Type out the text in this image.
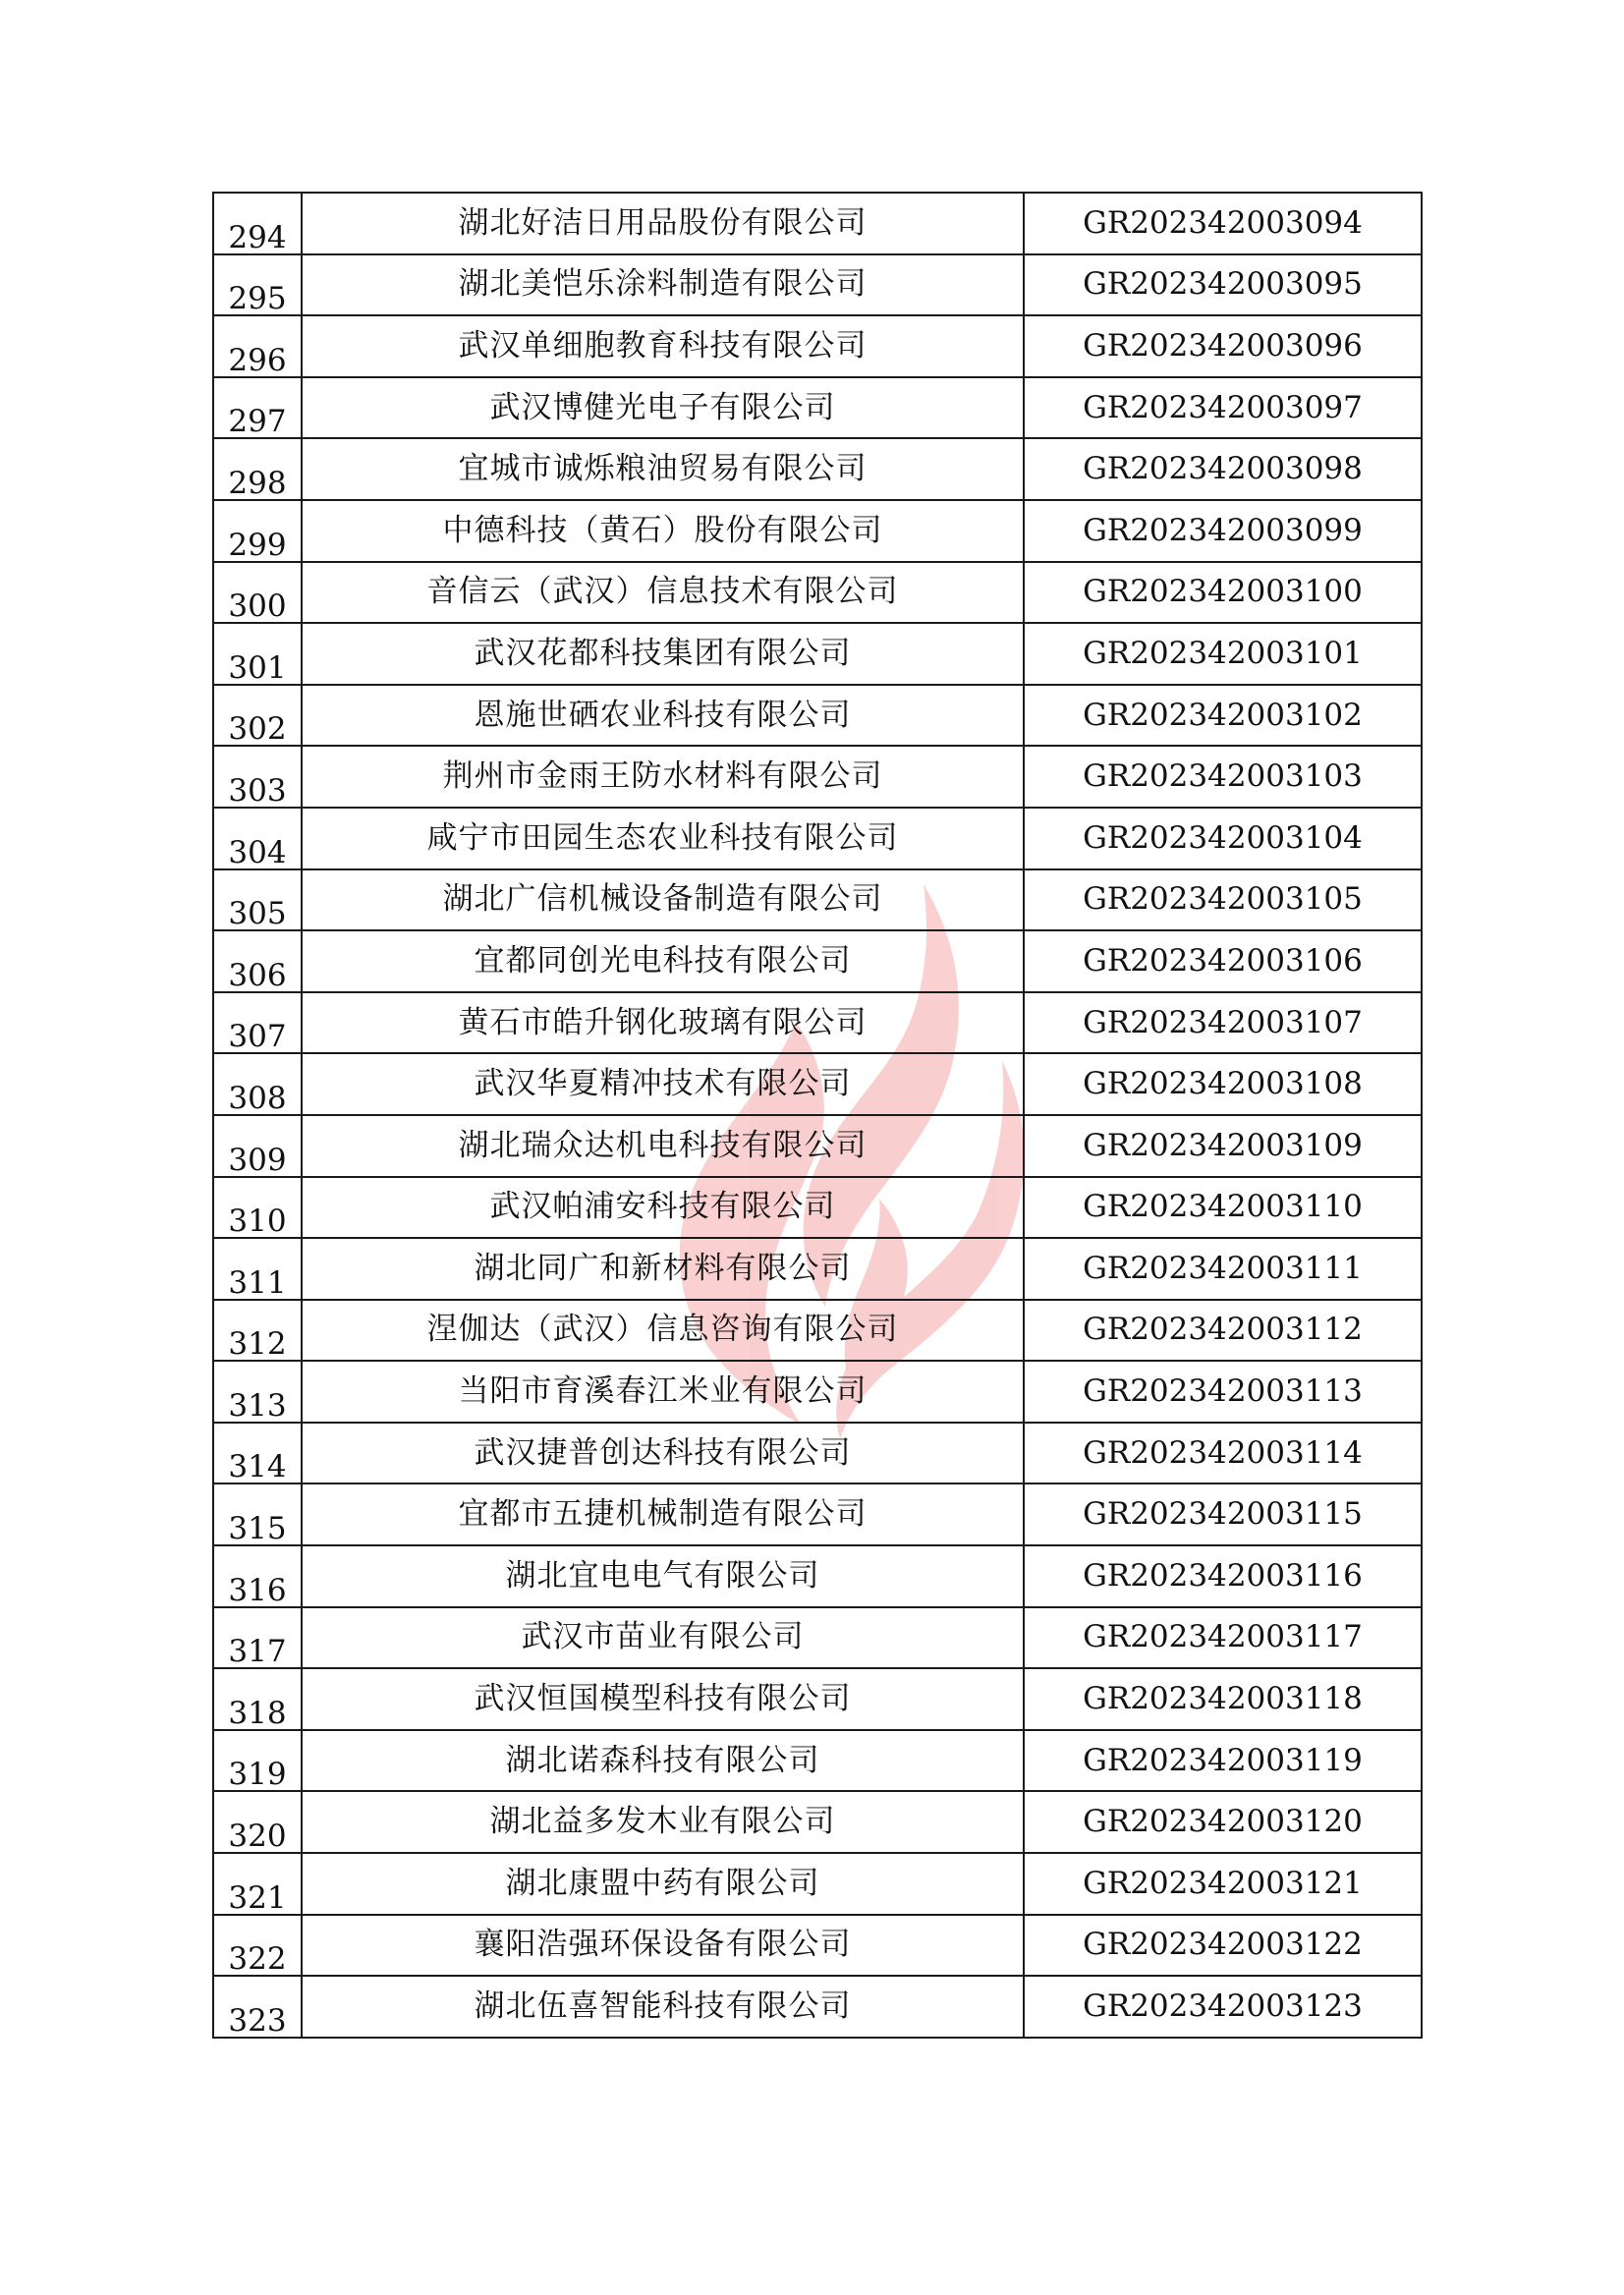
294	湖北好洁日用品股份有限公司	GR202342003094
295	湖北美恺乐涂料制造有限公司	GR202342003095
296	武汉单细胞教育科技有限公司	GR202342003096
297	武汉博健光电子有限公司	GR202342003097
298	宜城市诚烁粮油贸易有限公司	GR202342003098
299	中德科技（黄石）股份有限公司	GR202342003099
300	音信云（武汉）信息技术有限公司	GR202342003100
301	武汉花都科技集团有限公司	GR202342003101
302	恩施世硒农业科技有限公司	GR202342003102
303	荆州市金雨王防水材料有限公司	GR202342003103
304	咸宁市田园生态农业科技有限公司	GR202342003104
305	湖北广信机械设备制造有限公司	GR202342003105
306	宜都同创光电科技有限公司	GR202342003106
307	黄石市皓升钢化玻璃有限公司	GR202342003107
308	武汉华夏精冲技术有限公司	GR202342003108
309	湖北瑞众达机电科技有限公司	GR202342003109
310	武汉帕浦安科技有限公司	GR202342003110
311	湖北同广和新材料有限公司	GR202342003111
312	涅伽达（武汉）信息咨询有限公司	GR202342003112
313	当阳市育溪春江米业有限公司	GR202342003113
314	武汉捷普创达科技有限公司	GR202342003114
315	宜都市五捷机械制造有限公司	GR202342003115
316	湖北宜电电气有限公司	GR202342003116
317	武汉市苗业有限公司	GR202342003117
318	武汉恒国模型科技有限公司	GR202342003118
319	湖北诺森科技有限公司	GR202342003119
320	湖北益多发木业有限公司	GR202342003120
321	湖北康盟中药有限公司	GR202342003121
322	襄阳浩强环保设备有限公司	GR202342003122
323	湖北伍喜智能科技有限公司	GR202342003123
